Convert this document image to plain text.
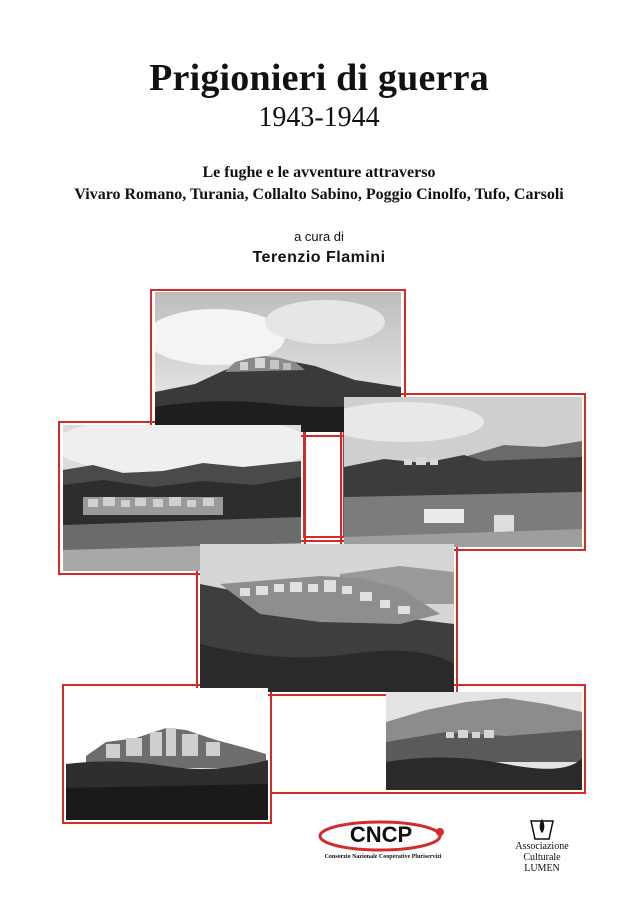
Prigionieri di guerra
1943-1944
Le fughe e le avventure attraverso
Vivaro Romano, Turania, Collalto Sabino, Poggio Cinolfo, Tufo, Carsoli
a cura di
Terenzio Flamini
CNCP
Consorzio Nazionale Cooperative Pluriservizi
Associazione Culturale
LUMEN
